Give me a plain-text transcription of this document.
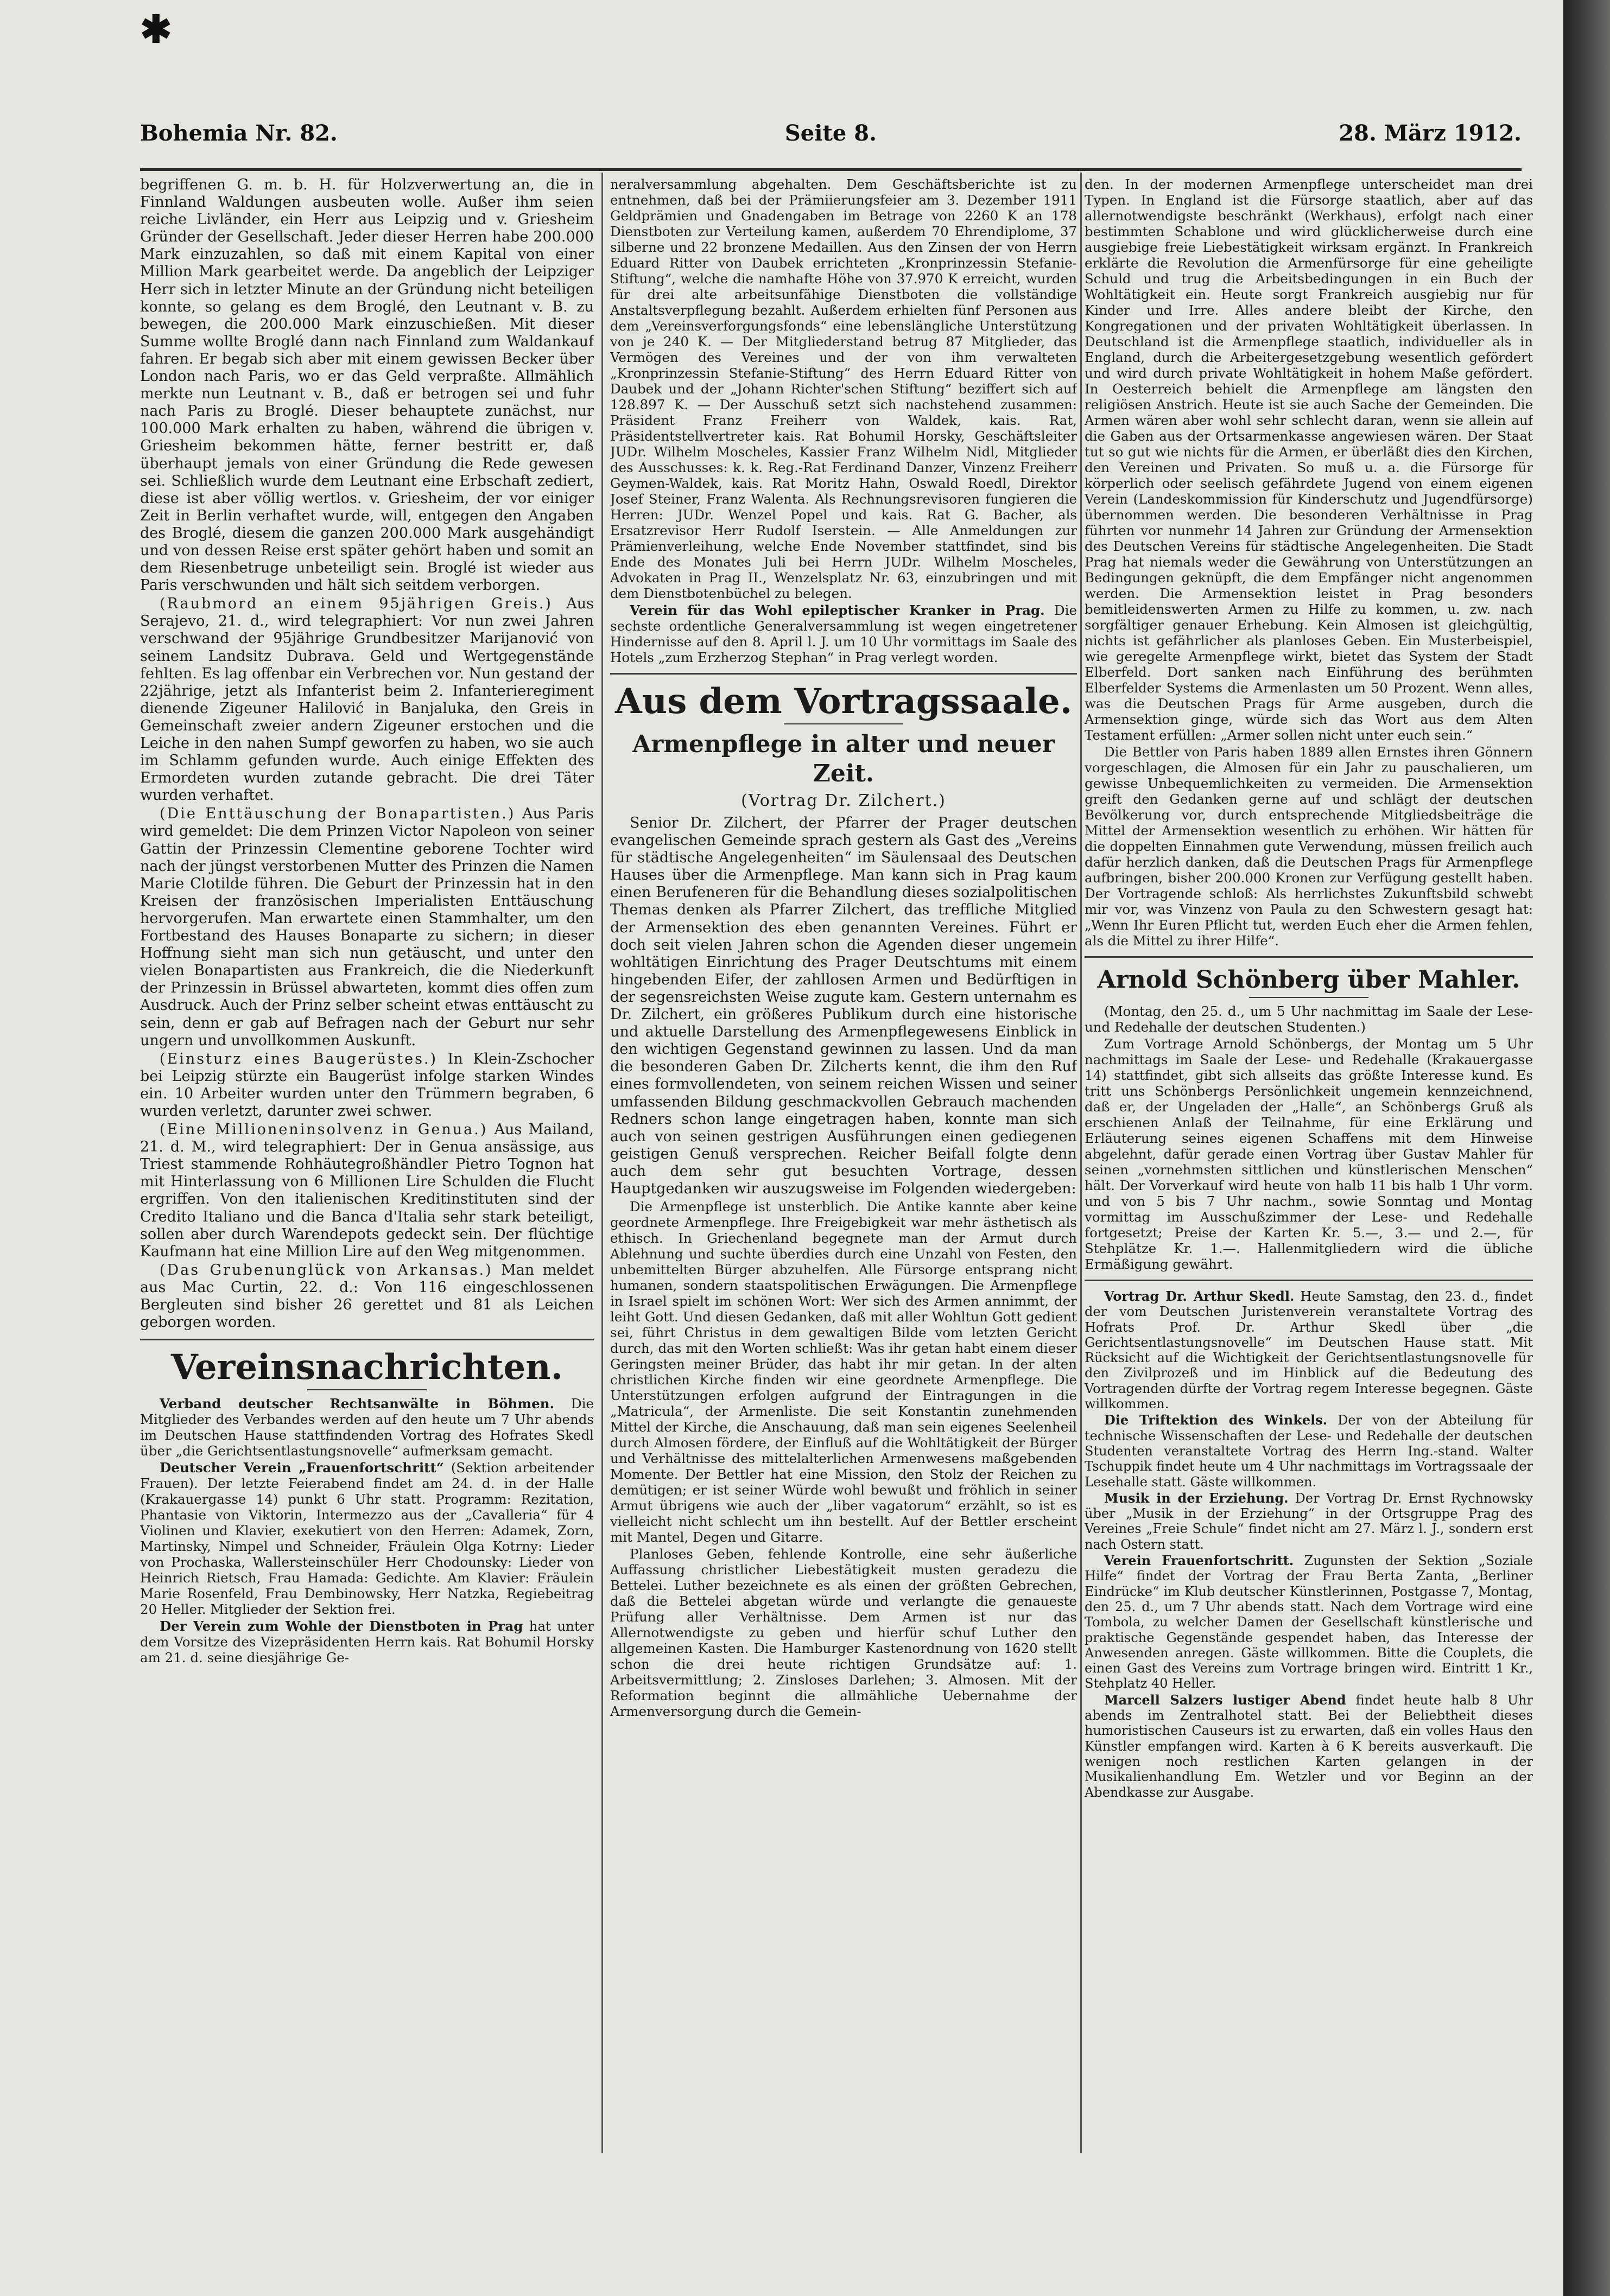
✱
Bohemia Nr. 82.	Seite 8.	28. März 1912.

begriffenen G. m. b. H. für Holzverwertung an, die in Finnland Waldungen ausbeuten wolle. Außer ihm seien reiche Livländer, ein Herr aus Leipzig und v. Griesheim Gründer der Gesellschaft. Jeder dieser Herren habe 200.000 Mark einzuzahlen, so daß mit einem Kapital von einer Million Mark gearbeitet werde. Da angeblich der Leipziger Herr sich in letzter Minute an der Gründung nicht beteiligen konnte, so gelang es dem Broglé, den Leutnant v. B. zu bewegen, die 200.000 Mark einzuschießen. Mit dieser Summe wollte Broglé dann nach Finnland zum Waldankauf fahren. Er begab sich aber mit einem gewissen Becker über London nach Paris, wo er das Geld verpraßte. Allmählich merkte nun Leutnant v. B., daß er betrogen sei und fuhr nach Paris zu Broglé. Dieser behauptete zunächst, nur 100.000 Mark erhalten zu haben, während die übrigen v. Griesheim bekommen hätte, ferner bestritt er, daß überhaupt jemals von einer Gründung die Rede gewesen sei. Schließlich wurde dem Leutnant eine Erbschaft zediert, diese ist aber völlig wertlos. v. Griesheim, der vor einiger Zeit in Berlin verhaftet wurde, will, entgegen den Angaben des Broglé, diesem die ganzen 200.000 Mark ausgehändigt und von dessen Reise erst später gehört haben und somit an dem Riesenbetruge unbeteiligt sein. Broglé ist wieder aus Paris verschwunden und hält sich seitdem verborgen.

(Raubmord an einem 95jährigen Greis.) Aus Serajevo, 21. d., wird telegraphiert: Vor nun zwei Jahren verschwand der 95jährige Grundbesitzer Marijanović von seinem Landsitz Dubrava. Geld und Wertgegenstände fehlten. Es lag offenbar ein Verbrechen vor. Nun gestand der 22jährige, jetzt als Infanterist beim 2. Infanterieregiment dienende Zigeuner Halilović in Banjaluka, den Greis in Gemeinschaft zweier andern Zigeuner erstochen und die Leiche in den nahen Sumpf geworfen zu haben, wo sie auch im Schlamm gefunden wurde. Auch einige Effekten des Ermordeten wurden zutande gebracht. Die drei Täter wurden verhaftet.

(Die Enttäuschung der Bonapartisten.) Aus Paris wird gemeldet: Die dem Prinzen Victor Napoleon von seiner Gattin der Prinzessin Clementine geborene Tochter wird nach der jüngst verstorbenen Mutter des Prinzen die Namen Marie Clotilde führen. Die Geburt der Prinzessin hat in den Kreisen der französischen Imperialisten Enttäuschung hervorgerufen. Man erwartete einen Stammhalter, um den Fortbestand des Hauses Bonaparte zu sichern; in dieser Hoffnung sieht man sich nun getäuscht, und unter den vielen Bonapartisten aus Frankreich, die die Niederkunft der Prinzessin in Brüssel abwarteten, kommt dies offen zum Ausdruck. Auch der Prinz selber scheint etwas enttäuscht zu sein, denn er gab auf Befragen nach der Geburt nur sehr ungern und unvollkommen Auskunft.

(Einsturz eines Baugerüstes.) In Klein-Zschocher bei Leipzig stürzte ein Baugerüst infolge starken Windes ein. 10 Arbeiter wurden unter den Trümmern begraben, 6 wurden verletzt, darunter zwei schwer.

(Eine Millioneninsolvenz in Genua.) Aus Mailand, 21. d. M., wird telegraphiert: Der in Genua ansässige, aus Triest stammende Rohhäutegroßhändler Pietro Tognon hat mit Hinterlassung von 6 Millionen Lire Schulden die Flucht ergriffen. Von den italienischen Kreditinstituten sind der Credito Italiano und die Banca d'Italia sehr stark beteiligt, sollen aber durch Warendepots gedeckt sein. Der flüchtige Kaufmann hat eine Million Lire auf den Weg mitgenommen.

(Das Grubenunglück von Arkansas.) Man meldet aus Mac Curtin, 22. d.: Von 116 eingeschlossenen Bergleuten sind bisher 26 gerettet und 81 als Leichen geborgen worden.

Vereinsnachrichten.

Verband deutscher Rechtsanwälte in Böhmen. Die Mitglieder des Verbandes werden auf den heute um 7 Uhr abends im Deutschen Hause stattfindenden Vortrag des Hofrates Skedl über „die Gerichtsentlastungsnovelle“ aufmerksam gemacht.

Deutscher Verein „Frauenfortschritt“ (Sektion arbeitender Frauen). Der letzte Feierabend findet am 24. d. in der Halle (Krakauergasse 14) punkt 6 Uhr statt. Programm: Rezitation, Phantasie von Viktorin, Intermezzo aus der „Cavalleria“ für 4 Violinen und Klavier, exekutiert von den Herren: Adamek, Zorn, Martinsky, Nimpel und Schneider, Fräulein Olga Kotrny: Lieder von Prochaska, Wallersteinschüler Herr Chodounsky: Lieder von Heinrich Rietsch, Frau Hamada: Gedichte. Am Klavier: Fräulein Marie Rosenfeld, Frau Dembinowsky, Herr Natzka, Regiebeitrag 20 Heller. Mitglieder der Sektion frei.

Der Verein zum Wohle der Dienstboten in Prag hat unter dem Vorsitze des Vizepräsidenten Herrn kais. Rat Bohumil Horsky am 21. d. seine diesjährige Ge-

neralversammlung abgehalten. Dem Geschäftsberichte ist zu entnehmen, daß bei der Prämiierungsfeier am 3. Dezember 1911 Geldprämien und Gnadengaben im Betrage von 2260 K an 178 Dienstboten zur Verteilung kamen, außerdem 70 Ehrendiplome, 37 silberne und 22 bronzene Medaillen. Aus den Zinsen der von Herrn Eduard Ritter von Daubek errichteten „Kronprinzessin Stefanie-Stiftung“, welche die namhafte Höhe von 37.970 K erreicht, wurden für drei alte arbeitsunfähige Dienstboten die vollständige Anstaltsverpflegung bezahlt. Außerdem erhielten fünf Personen aus dem „Vereinsverforgungsfonds“ eine lebenslängliche Unterstützung von je 240 K. — Der Mitgliederstand betrug 87 Mitglieder, das Vermögen des Vereines und der von ihm verwalteten „Kronprinzessin Stefanie-Stiftung“ des Herrn Eduard Ritter von Daubek und der „Johann Richter'schen Stiftung“ beziffert sich auf 128.897 K. — Der Ausschuß setzt sich nachstehend zusammen: Präsident Franz Freiherr von Waldek, kais. Rat, Präsidentstellvertreter kais. Rat Bohumil Horsky, Geschäftsleiter JUDr. Wilhelm Moscheles, Kassier Franz Wilhelm Nidl, Mitglieder des Ausschusses: k. k. Reg.-Rat Ferdinand Danzer, Vinzenz Freiherr Geymen-Waldek, kais. Rat Moritz Hahn, Oswald Roedl, Direktor Josef Steiner, Franz Walenta. Als Rechnungsrevisoren fungieren die Herren: JUDr. Wenzel Popel und kais. Rat G. Bacher, als Ersatzrevisor Herr Rudolf Iserstein. — Alle Anmeldungen zur Prämienverleihung, welche Ende November stattfindet, sind bis Ende des Monates Juli bei Herrn JUDr. Wilhelm Moscheles, Advokaten in Prag II., Wenzelsplatz Nr. 63, einzubringen und mit dem Dienstbotenbüchel zu belegen.

Verein für das Wohl epileptischer Kranker in Prag. Die sechste ordentliche Generalversammlung ist wegen eingetretener Hindernisse auf den 8. April l. J. um 10 Uhr vormittags im Saale des Hotels „zum Erzherzog Stephan“ in Prag verlegt worden.

Aus dem Vortragssaale.
Armenpflege in alter und neuer Zeit.
(Vortrag Dr. Zilchert.)

Senior Dr. Zilchert, der Pfarrer der Prager deutschen evangelischen Gemeinde sprach gestern als Gast des „Vereins für städtische Angelegenheiten“ im Säulensaal des Deutschen Hauses über die Armenpflege. Man kann sich in Prag kaum einen Berufeneren für die Behandlung dieses sozialpolitischen Themas denken als Pfarrer Zilchert, das treffliche Mitglied der Armensektion des eben genannten Vereines. Führt er doch seit vielen Jahren schon die Agenden dieser ungemein wohltätigen Einrichtung des Prager Deutschtums mit einem hingebenden Eifer, der zahllosen Armen und Bedürftigen in der segensreichsten Weise zugute kam. Gestern unternahm es Dr. Zilchert, ein größeres Publikum durch eine historische und aktuelle Darstellung des Armenpflegewesens Einblick in den wichtigen Gegenstand gewinnen zu lassen. Und da man die besonderen Gaben Dr. Zilcherts kennt, die ihm den Ruf eines formvollendeten, von seinem reichen Wissen und seiner umfassenden Bildung geschmackvollen Gebrauch machenden Redners schon lange eingetragen haben, konnte man sich auch von seinen gestrigen Ausführungen einen gediegenen geistigen Genuß versprechen. Reicher Beifall folgte denn auch dem sehr gut besuchten Vortrage, dessen Hauptgedanken wir auszugsweise im Folgenden wiedergeben:

Die Armenpflege ist unsterblich. Die Antike kannte aber keine geordnete Armenpflege. Ihre Freigebigkeit war mehr ästhetisch als ethisch. In Griechenland begegnete man der Armut durch Ablehnung und suchte überdies durch eine Unzahl von Festen, den unbemittelten Bürger abzuhelfen. Alle Fürsorge entsprang nicht humanen, sondern staatspolitischen Erwägungen. Die Armenpflege in Israel spielt im schönen Wort: Wer sich des Armen annimmt, der leiht Gott. Und diesen Gedanken, daß mit aller Wohltun Gott gedient sei, führt Christus in dem gewaltigen Bilde vom letzten Gericht durch, das mit den Worten schließt: Was ihr getan habt einem dieser Geringsten meiner Brüder, das habt ihr mir getan. In der alten christlichen Kirche finden wir eine geordnete Armenpflege. Die Unterstützungen erfolgen aufgrund der Eintragungen in die „Matricula“, der Armenliste. Die seit Konstantin zunehmenden Mittel der Kirche, die Anschauung, daß man sein eigenes Seelenheil durch Almosen fördere, der Einfluß auf die Wohltätigkeit der Bürger und Verhältnisse des mittelalterlichen Armenwesens maßgebenden Momente. Der Bettler hat eine Mission, den Stolz der Reichen zu demütigen; er ist seiner Würde wohl bewußt und fröhlich in seiner Armut übrigens wie auch der „liber vagatorum“ erzählt, so ist es vielleicht nicht schlecht um ihn bestellt. Auf der Bettler erscheint mit Mantel, Degen und Gitarre.

Planloses Geben, fehlende Kontrolle, eine sehr äußerliche Auffassung christlicher Liebestätigkeit musten geradezu die Bettelei. Luther bezeichnete es als einen der größten Gebrechen, daß die Bettelei abgetan würde und verlangte die genaueste Prüfung aller Verhältnisse. Dem Armen ist nur das Allernotwendigste zu geben und hierfür schuf Luther den allgemeinen Kasten. Die Hamburger Kastenordnung von 1620 stellt schon die drei heute richtigen Grundsätze auf: 1. Arbeitsvermittlung; 2. Zinsloses Darlehen; 3. Almosen. Mit der Reformation beginnt die allmähliche Uebernahme der Armenversorgung durch die Gemein-

den. In der modernen Armenpflege unterscheidet man drei Typen. In England ist die Fürsorge staatlich, aber auf das allernotwendigste beschränkt (Werkhaus), erfolgt nach einer bestimmten Schablone und wird glücklicherweise durch eine ausgiebige freie Liebestätigkeit wirksam ergänzt. In Frankreich erklärte die Revolution die Armenfürsorge für eine geheiligte Schuld und trug die Arbeitsbedingungen in ein Buch der Wohltätigkeit ein. Heute sorgt Frankreich ausgiebig nur für Kinder und Irre. Alles andere bleibt der Kirche, den Kongregationen und der privaten Wohltätigkeit überlassen. In Deutschland ist die Armenpflege staatlich, individueller als in England, durch die Arbeitergesetzgebung wesentlich gefördert und wird durch private Wohltätigkeit in hohem Maße gefördert. In Oesterreich behielt die Armenpflege am längsten den religiösen Anstrich. Heute ist sie auch Sache der Gemeinden. Die Armen wären aber wohl sehr schlecht daran, wenn sie allein auf die Gaben aus der Ortsarmenkasse angewiesen wären. Der Staat tut so gut wie nichts für die Armen, er überläßt dies den Kirchen, den Vereinen und Privaten. So muß u. a. die Fürsorge für körperlich oder seelisch gefährdete Jugend von einem eigenen Verein (Landeskommission für Kinderschutz und Jugendfürsorge) übernommen werden. Die besonderen Verhältnisse in Prag führten vor nunmehr 14 Jahren zur Gründung der Armensektion des Deutschen Vereins für städtische Angelegenheiten. Die Stadt Prag hat niemals weder die Gewährung von Unterstützungen an Bedingungen geknüpft, die dem Empfänger nicht angenommen werden. Die Armensektion leistet in Prag besonders bemitleidenswerten Armen zu Hilfe zu kommen, u. zw. nach sorgfältiger genauer Erhebung. Kein Almosen ist gleichgültig, nichts ist gefährlicher als planloses Geben. Ein Musterbeispiel, wie geregelte Armenpflege wirkt, bietet das System der Stadt Elberfeld. Dort sanken nach Einführung des berühmten Elberfelder Systems die Armenlasten um 50 Prozent. Wenn alles, was die Deutschen Prags für Arme ausgeben, durch die Armensektion ginge, würde sich das Wort aus dem Alten Testament erfüllen: „Armer sollen nicht unter euch sein.“

Die Bettler von Paris haben 1889 allen Ernstes ihren Gönnern vorgeschlagen, die Almosen für ein Jahr zu pauschalieren, um gewisse Unbequemlichkeiten zu vermeiden. Die Armensektion greift den Gedanken gerne auf und schlägt der deutschen Bevölkerung vor, durch entsprechende Mitgliedsbeiträge die Mittel der Armensektion wesentlich zu erhöhen. Wir hätten für die doppelten Einnahmen gute Verwendung, müssen freilich auch dafür herzlich danken, daß die Deutschen Prags für Armenpflege aufbringen, bisher 200.000 Kronen zur Verfügung gestellt haben. Der Vortragende schloß: Als herrlichstes Zukunftsbild schwebt mir vor, was Vinzenz von Paula zu den Schwestern gesagt hat: „Wenn Ihr Euren Pflicht tut, werden Euch eher die Armen fehlen, als die Mittel zu ihrer Hilfe“.

Arnold Schönberg über Mahler.

(Montag, den 25. d., um 5 Uhr nachmittag im Saale der Lese- und Redehalle der deutschen Studenten.)

Zum Vortrage Arnold Schönbergs, der Montag um 5 Uhr nachmittags im Saale der Lese- und Redehalle (Krakauergasse 14) stattfindet, gibt sich allseits das größte Interesse kund. Es tritt uns Schönbergs Persönlichkeit ungemein kennzeichnend, daß er, der Ungeladen der „Halle“, an Schönbergs Gruß als erschienen Anlaß der Teilnahme, für eine Erklärung und Erläuterung seines eigenen Schaffens mit dem Hinweise abgelehnt, dafür gerade einen Vortrag über Gustav Mahler für seinen „vornehmsten sittlichen und künstlerischen Menschen“ hält. Der Vorverkauf wird heute von halb 11 bis halb 1 Uhr vorm. und von 5 bis 7 Uhr nachm., sowie Sonntag und Montag vormittag im Ausschußzimmer der Lese- und Redehalle fortgesetzt; Preise der Karten Kr. 5.—, 3.— und 2.—, für Stehplätze Kr. 1.—. Hallenmitgliedern wird die übliche Ermäßigung gewährt.

Vortrag Dr. Arthur Skedl. Heute Samstag, den 23. d., findet der vom Deutschen Juristenverein veranstaltete Vortrag des Hofrats Prof. Dr. Arthur Skedl über „die Gerichtsentlastungsnovelle“ im Deutschen Hause statt. Mit Rücksicht auf die Wichtigkeit der Gerichtsentlastungsnovelle für den Zivilprozeß und im Hinblick auf die Bedeutung des Vortragenden dürfte der Vortrag regem Interesse begegnen. Gäste willkommen.

Die Triftektion des Winkels. Der von der Abteilung für technische Wissenschaften der Lese- und Redehalle der deutschen Studenten veranstaltete Vortrag des Herrn Ing.-stand. Walter Tschuppik findet heute um 4 Uhr nachmittags im Vortragssaale der Lesehalle statt. Gäste willkommen.

Musik in der Erziehung. Der Vortrag Dr. Ernst Rychnowsky über „Musik in der Erziehung“ in der Ortsgruppe Prag des Vereines „Freie Schule“ findet nicht am 27. März l. J., sondern erst nach Ostern statt.

Verein Frauenfortschritt. Zugunsten der Sektion „Soziale Hilfe“ findet der Vortrag der Frau Berta Zanta, „Berliner Eindrücke“ im Klub deutscher Künstlerinnen, Postgasse 7, Montag, den 25. d., um 7 Uhr abends statt. Nach dem Vortrage wird eine Tombola, zu welcher Damen der Gesellschaft künstlerische und praktische Gegenstände gespendet haben, das Interesse der Anwesenden anregen. Gäste willkommen. Bitte die Couplets, die einen Gast des Vereins zum Vortrage bringen wird. Eintritt 1 Kr., Stehplatz 40 Heller.

Marcell Salzers lustiger Abend findet heute halb 8 Uhr abends im Zentralhotel statt. Bei der Beliebtheit dieses humoristischen Causeurs ist zu erwarten, daß ein volles Haus den Künstler empfangen wird. Karten à 6 K bereits ausverkauft. Die wenigen noch restlichen Karten gelangen in der Musikalienhandlung Em. Wetzler und vor Beginn an der Abendkasse zur Ausgabe.
